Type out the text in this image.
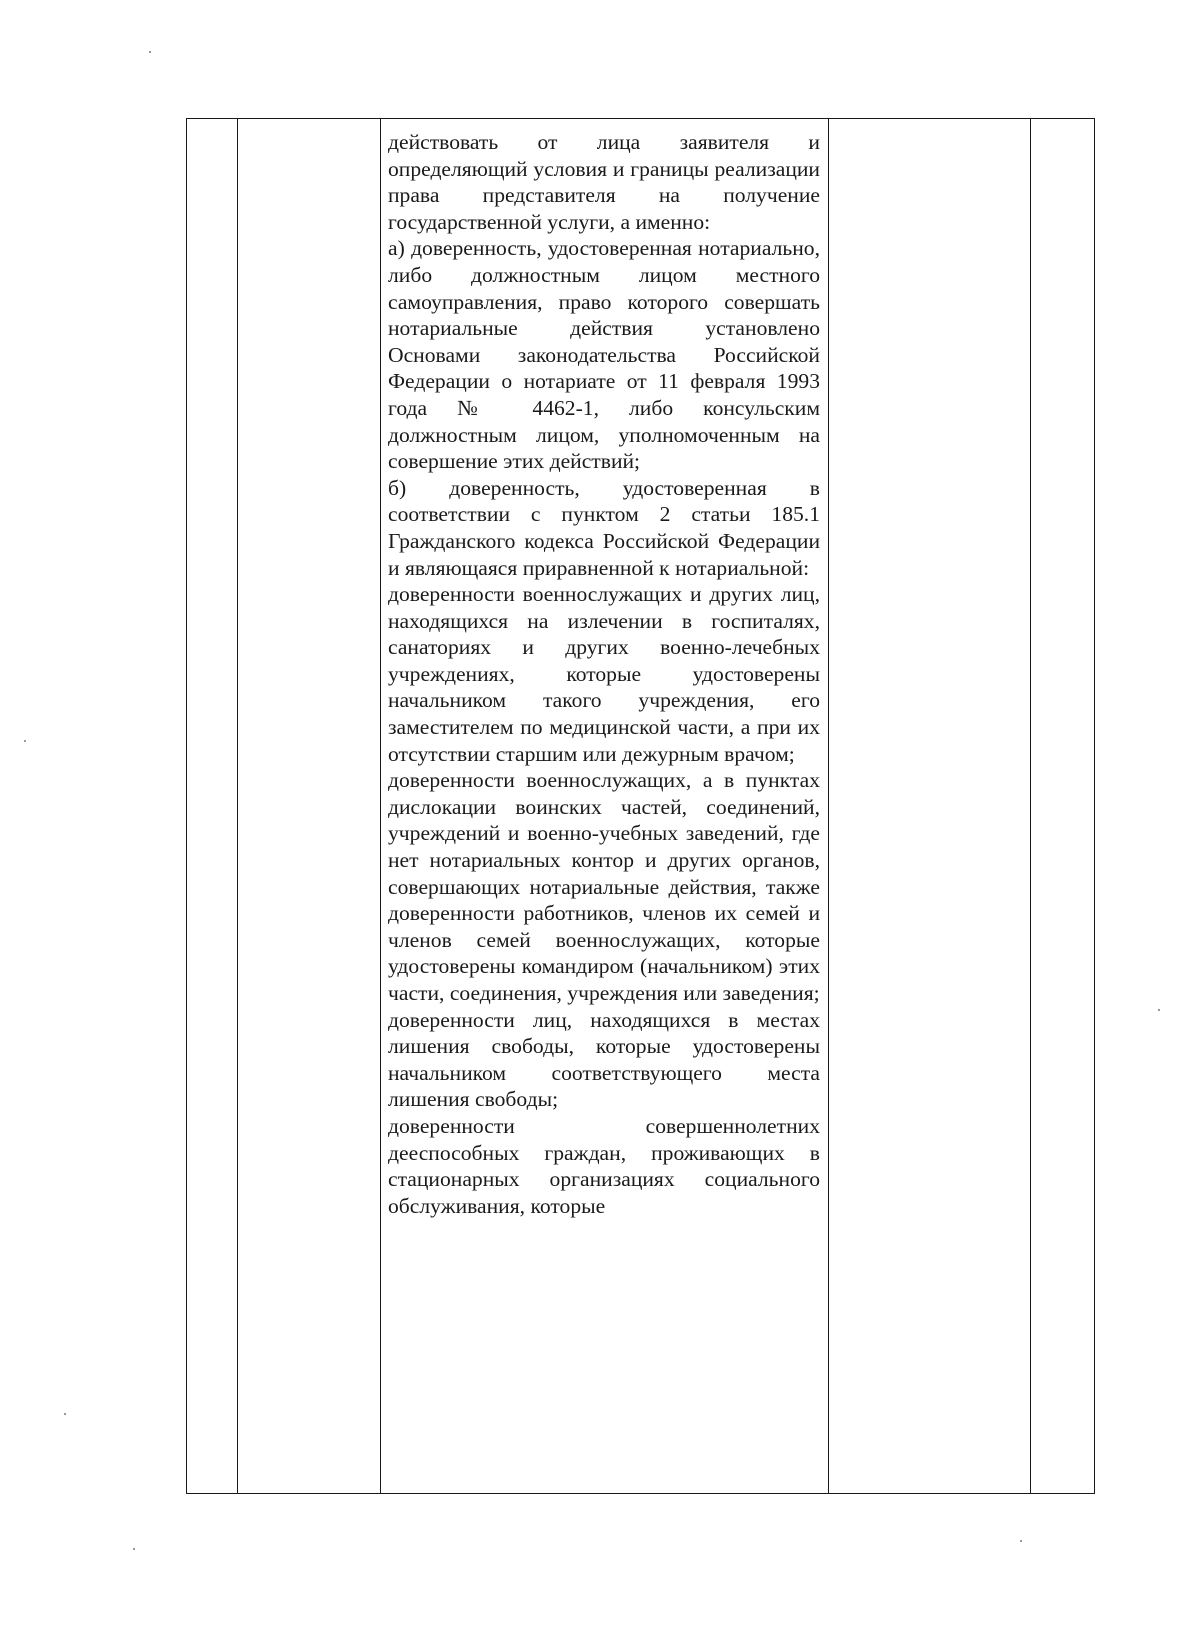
действовать от лица заявителя и определяющий условия и границы реализации права представителя на получение государственной услуги, а именно:

а) доверенность, удостоверенная нотариально, либо должностным лицом местного самоуправления, право которого совершать нотариальные действия установлено Основами законодательства Российской Федерации о нотариате от 11 февраля 1993 года № 4462-1, либо консульским должностным лицом, уполномоченным на совершение этих действий;

б) доверенность, удостоверенная в соответствии с пунктом 2 статьи 185.1 Гражданского кодекса Российской Федерации и являющаяся приравненной к нотариальной:

доверенности военнослужащих и других лиц, находящихся на излечении в госпиталях, санаториях и других военно-лечебных учреждениях, которые удостоверены начальником такого учреждения, его заместителем по медицинской части, а при их отсутствии старшим или дежурным врачом;

доверенности военнослужащих, а в пунктах дислокации воинских частей, соединений, учреждений и военно-учебных заведений, где нет нотариальных контор и других органов, совершающих нотариальные действия, также доверенности работников, членов их семей и членов семей военнослужащих, которые удостоверены командиром (начальником) этих части, соединения, учреждения или заведения;

доверенности лиц, находящихся в местах лишения свободы, которые удостоверены начальником соответствующего места лишения свободы;

доверенности совершеннолетних дееспособных граждан, проживающих в стационарных организациях социального обслуживания, которые
